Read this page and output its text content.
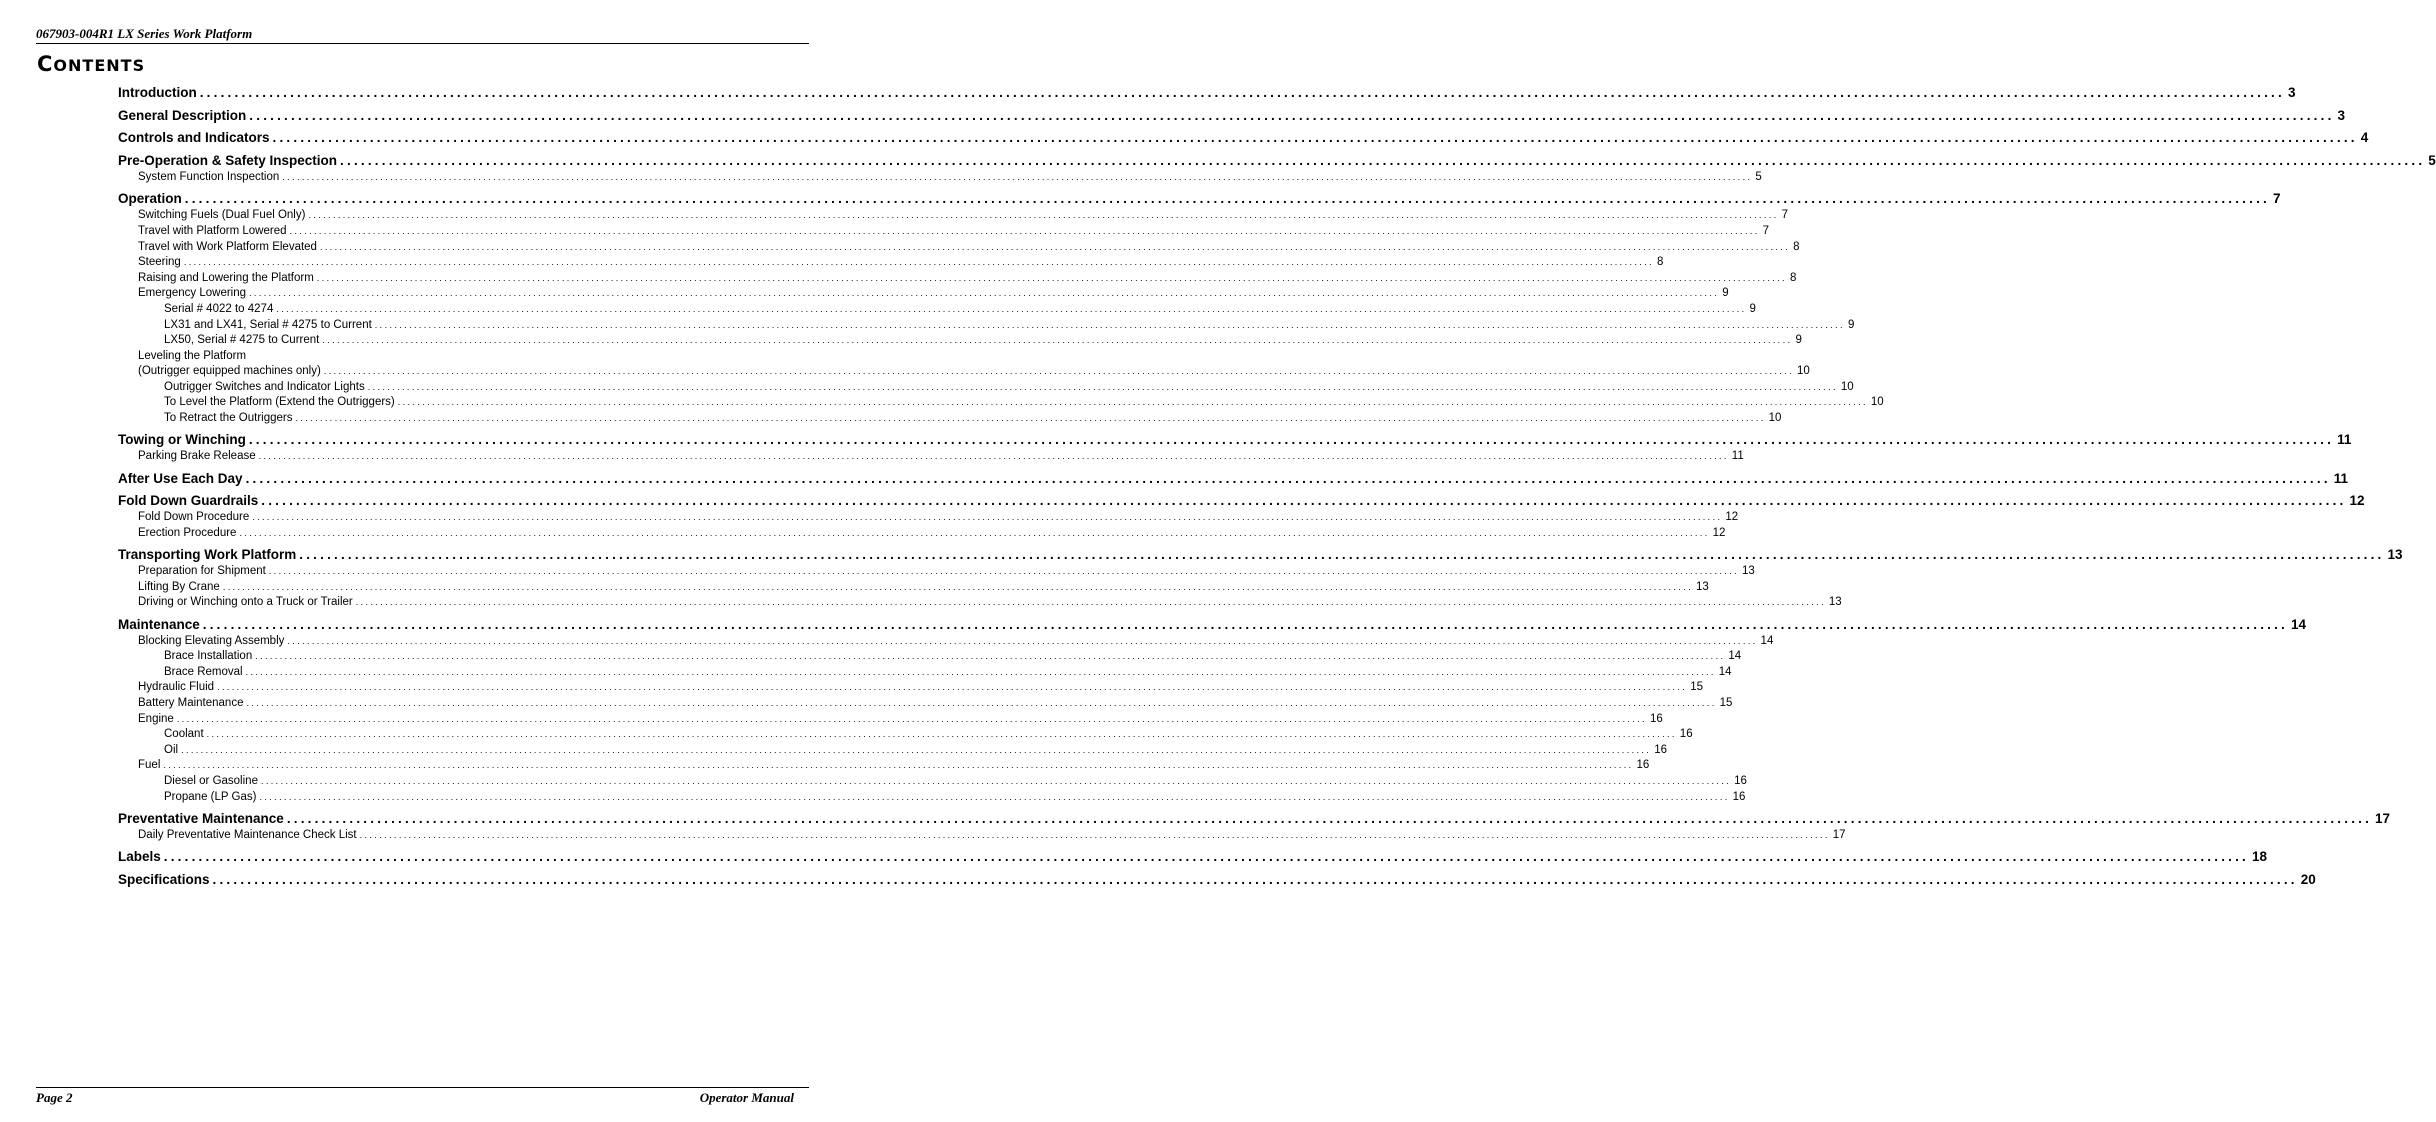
067903-004R1 LX Series Work Platform
CONTENTS
Introduction ............................................................................................................................................................................................................................................................................................................ 3
General Description ............................................................................................................................................................................................................................................................................................................ 3
Controls and Indicators ............................................................................................................................................................................................................................................................................................................ 4
Pre-Operation & Safety Inspection ............................................................................................................................................................................................................................................................................................................ 5
System Function Inspection ............................................................................................................................................................................................................................................................................................................ 5
Operation ............................................................................................................................................................................................................................................................................................................ 7
Switching Fuels (Dual Fuel Only) ............................................................................................................................................................................................................................................................................................................ 7
Travel with Platform Lowered ............................................................................................................................................................................................................................................................................................................ 7
Travel with Work Platform Elevated ............................................................................................................................................................................................................................................................................................................ 8
Steering ............................................................................................................................................................................................................................................................................................................ 8
Raising and Lowering the Platform ............................................................................................................................................................................................................................................................................................................ 8
Emergency Lowering ............................................................................................................................................................................................................................................................................................................ 9
Serial # 4022 to 4274 ............................................................................................................................................................................................................................................................................................................ 9
LX31 and LX41, Serial # 4275 to Current ............................................................................................................................................................................................................................................................................................................ 9
LX50, Serial # 4275 to Current ............................................................................................................................................................................................................................................................................................................ 9
Leveling the Platform
(Outrigger equipped machines only) ............................................................................................................................................................................................................................................................................................................ 10
Outrigger Switches and Indicator Lights ............................................................................................................................................................................................................................................................................................................ 10
To Level the Platform (Extend the Outriggers) ............................................................................................................................................................................................................................................................................................................ 10
To Retract the Outriggers ............................................................................................................................................................................................................................................................................................................ 10
Towing or Winching ............................................................................................................................................................................................................................................................................................................ 11
Parking Brake Release ............................................................................................................................................................................................................................................................................................................ 11
After Use Each Day ............................................................................................................................................................................................................................................................................................................ 11
Fold Down Guardrails ............................................................................................................................................................................................................................................................................................................ 12
Fold Down Procedure ............................................................................................................................................................................................................................................................................................................ 12
Erection Procedure ............................................................................................................................................................................................................................................................................................................ 12
Transporting Work Platform ............................................................................................................................................................................................................................................................................................................ 13
Preparation for Shipment ............................................................................................................................................................................................................................................................................................................ 13
Lifting By Crane ............................................................................................................................................................................................................................................................................................................ 13
Driving or Winching onto a Truck or Trailer ............................................................................................................................................................................................................................................................................................................ 13
Maintenance ............................................................................................................................................................................................................................................................................................................ 14
Blocking Elevating Assembly ............................................................................................................................................................................................................................................................................................................ 14
Brace Installation ............................................................................................................................................................................................................................................................................................................ 14
Brace Removal ............................................................................................................................................................................................................................................................................................................ 14
Hydraulic Fluid ............................................................................................................................................................................................................................................................................................................ 15
Battery Maintenance ............................................................................................................................................................................................................................................................................................................ 15
Engine ............................................................................................................................................................................................................................................................................................................ 16
Coolant ............................................................................................................................................................................................................................................................................................................ 16
Oil ............................................................................................................................................................................................................................................................................................................ 16
Fuel ............................................................................................................................................................................................................................................................................................................ 16
Diesel or Gasoline ............................................................................................................................................................................................................................................................................................................ 16
Propane (LP Gas) ............................................................................................................................................................................................................................................................................................................ 16
Preventative Maintenance ............................................................................................................................................................................................................................................................................................................ 17
Daily Preventative Maintenance Check List ............................................................................................................................................................................................................................................................................................................ 17
Labels ............................................................................................................................................................................................................................................................................................................ 18
Specifications ............................................................................................................................................................................................................................................................................................................ 20
Page 2	Operator Manual
